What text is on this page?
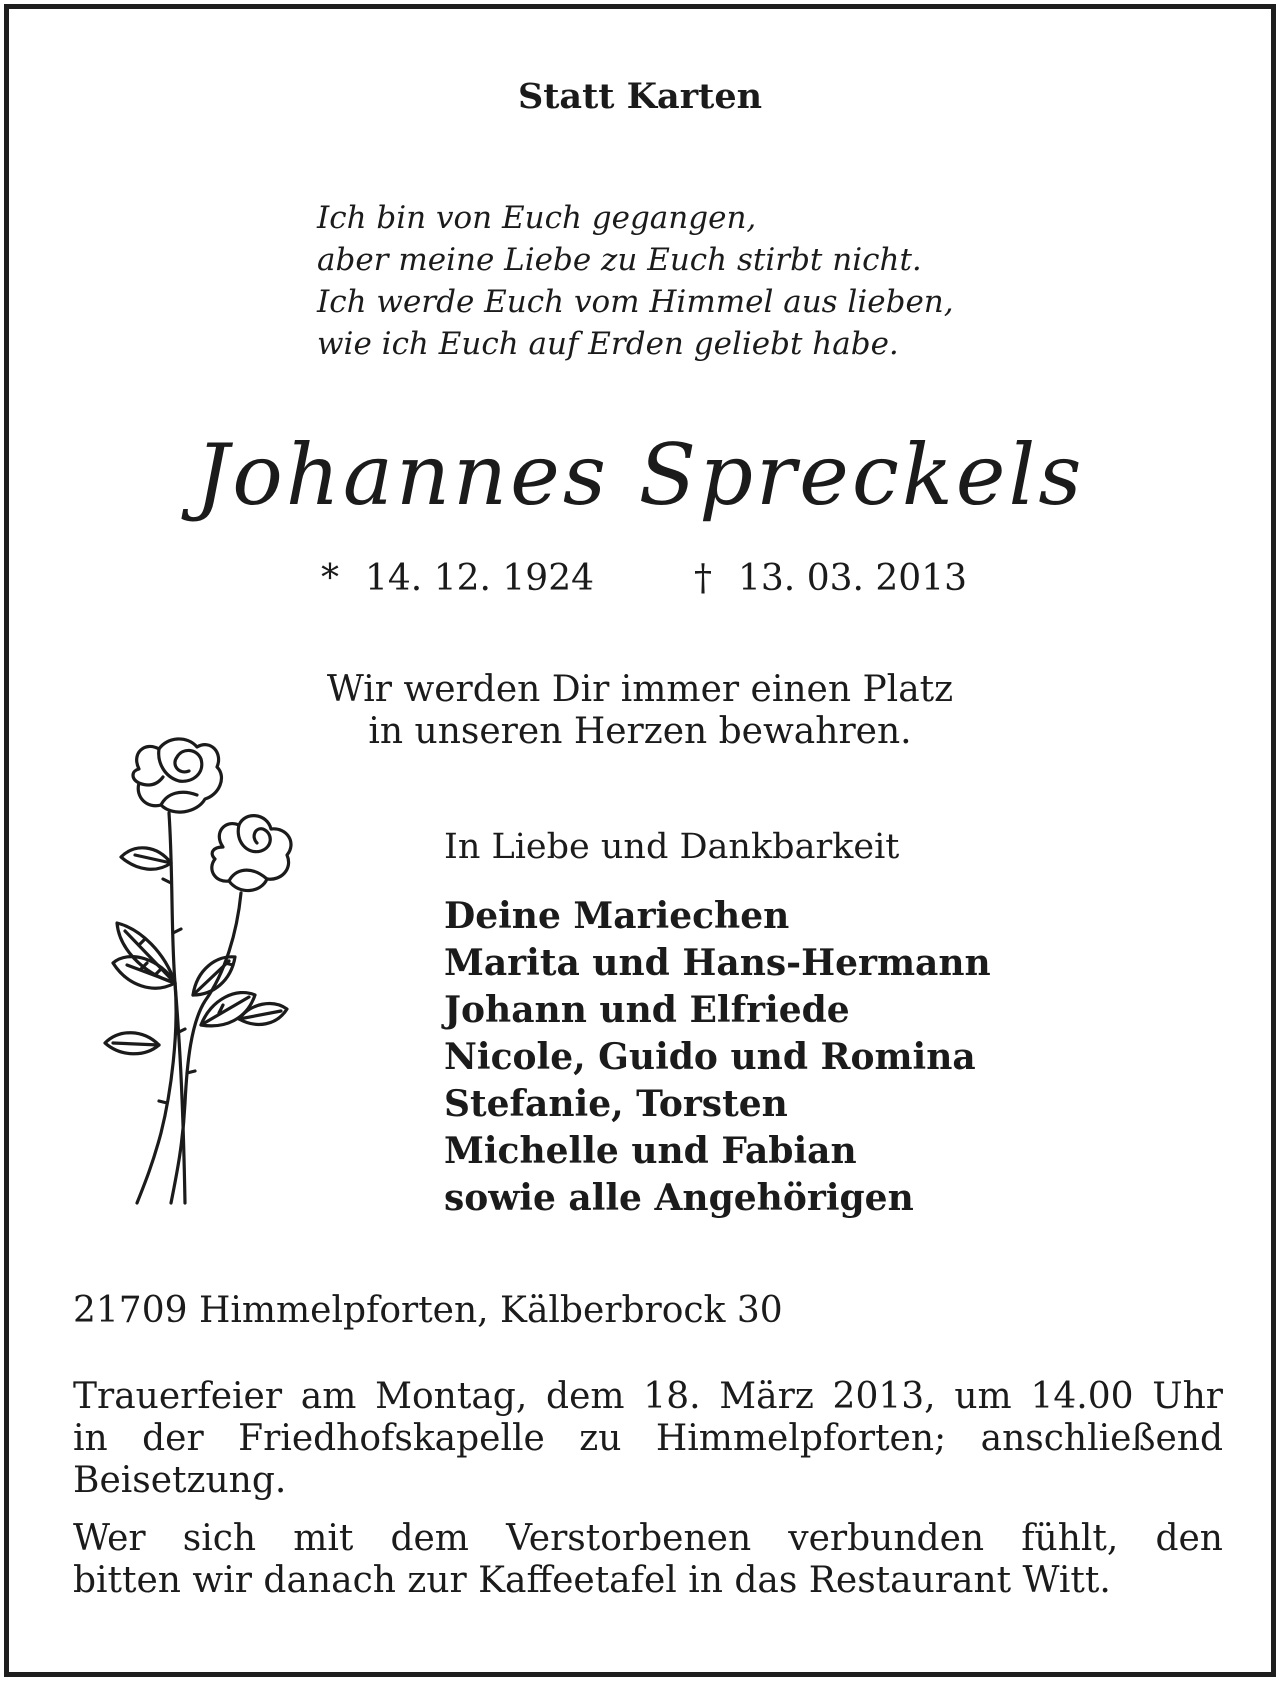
Statt Karten

Ich bin von Euch gegangen,
aber meine Liebe zu Euch stirbt nicht.
Ich werde Euch vom Himmel aus lieben,
wie ich Euch auf Erden geliebt habe.
Johannes Spreckels
* 14. 12. 1924	† 13. 03. 2013
Wir werden Dir immer einen Platz
in unseren Herzen bewahren.

In Liebe und Dankbarkeit

Deine Mariechen
Marita und Hans-Hermann
Johann und Elfriede
Nicole, Guido und Romina
Stefanie, Torsten
Michelle und Fabian
sowie alle Angehörigen

21709 Himmelpforten, Kälberbrock 30

Trauerfeier am Montag, dem 18. März 2013, um 14.00 Uhr
in der Friedhofskapelle zu Himmelpforten; anschließend
Beisetzung.
Wer sich mit dem Verstorbenen verbunden fühlt, den
bitten wir danach zur Kaffeetafel in das Restaurant Witt.
